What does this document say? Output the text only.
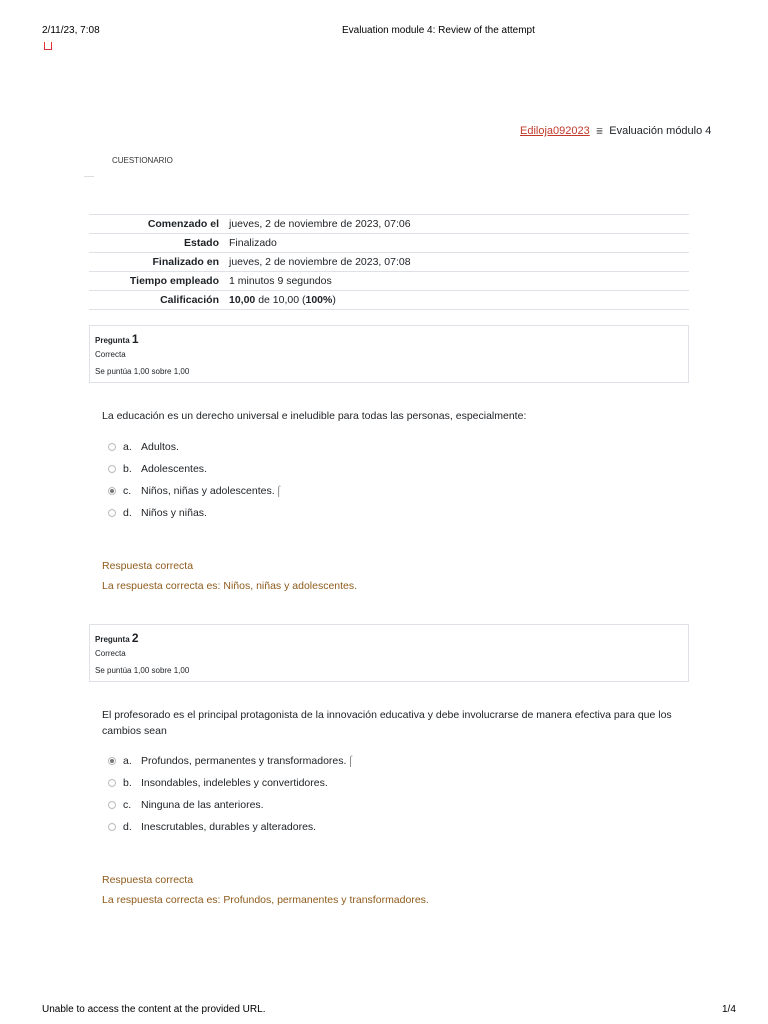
2/11/23, 7:08	Evaluation module 4: Review of the attempt
Ediloja092023 ≣ Evaluación módulo 4
CUESTIONARIO
Comenzado el	jueves, 2 de noviembre de 2023, 07:06
Estado	Finalizado
Finalizado en	jueves, 2 de noviembre de 2023, 07:08
Tiempo empleado	1 minutos 9 segundos
Calificación	10,00 de 10,00 (100%)
Pregunta 1
Correcta
Se puntúa 1,00 sobre 1,00
La educación es un derecho universal e ineludible para todas las personas, especialmente:
a. Adultos.
b. Adolescentes.
c. Niños, niñas y adolescentes. ⌠
d. Niños y niñas.
Respuesta correcta
La respuesta correcta es: Niños, niñas y adolescentes.
Pregunta 2
Correcta
Se puntúa 1,00 sobre 1,00
El profesorado es el principal protagonista de la innovación educativa y debe involucrarse de manera efectiva para que los cambios sean
a. Profundos, permanentes y transformadores. ⌠
b. Insondables, indelebles y convertidores.
c. Ninguna de las anteriores.
d. Inescrutables, durables y alteradores.
Respuesta correcta
La respuesta correcta es: Profundos, permanentes y transformadores.
Unable to access the content at the provided URL.	1/4
